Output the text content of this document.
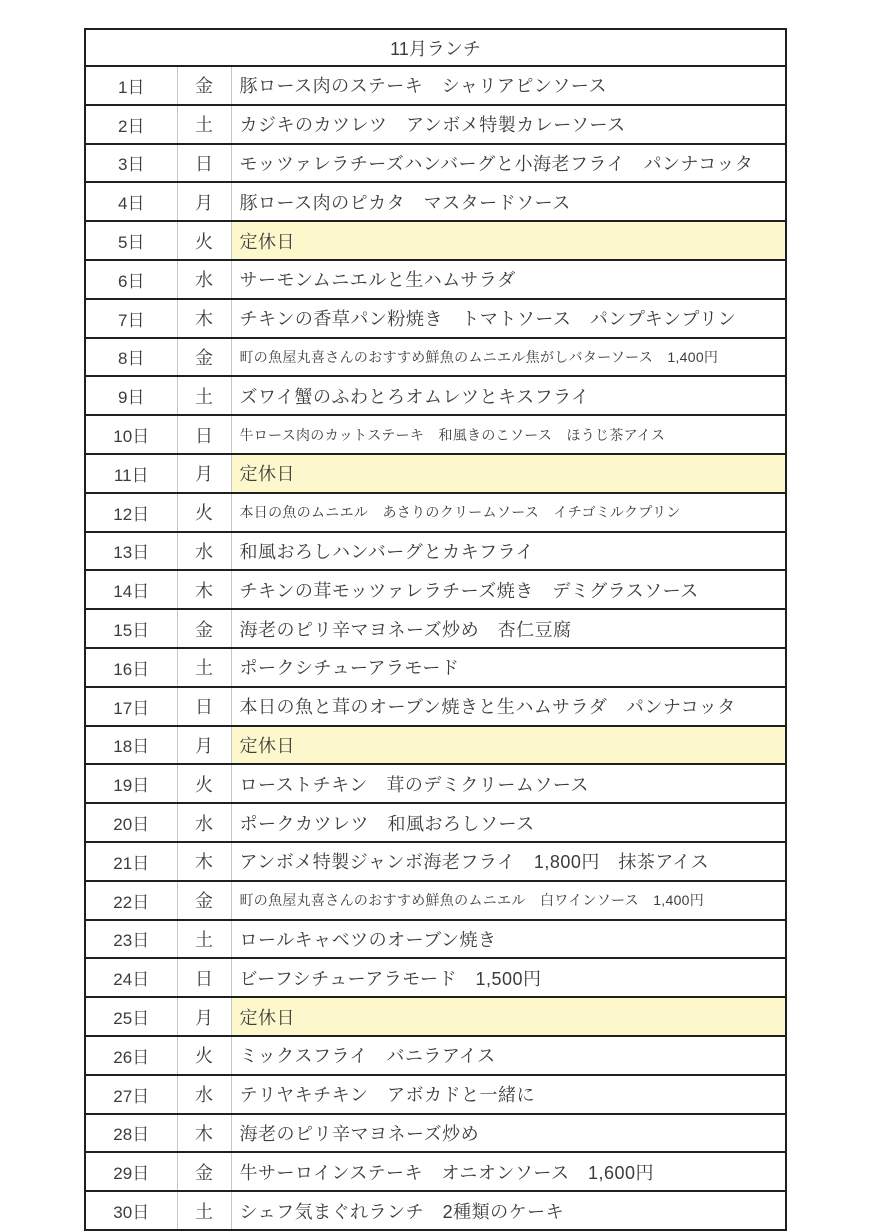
11月ランチ		
1日	金	豚ロース肉のステーキ　シャリアピンソース
2日	土	カジキのカツレツ　アンボメ特製カレーソース
3日	日	モッツァレラチーズハンバーグと小海老フライ　パンナコッタ
4日	月	豚ロース肉のピカタ　マスタードソース
5日	火	定休日
6日	水	サーモンムニエルと生ハムサラダ
7日	木	チキンの香草パン粉焼き　トマトソース　パンプキンプリン
8日	金	町の魚屋丸喜さんのおすすめ鮮魚のムニエル焦がしバターソース　1,400円
9日	土	ズワイ蟹のふわとろオムレツとキスフライ
10日	日	牛ロース肉のカットステーキ　和風きのこソース　ほうじ茶アイス
11日	月	定休日
12日	火	本日の魚のムニエル　あさりのクリームソース　イチゴミルクプリン
13日	水	和風おろしハンバーグとカキフライ
14日	木	チキンの茸モッツァレラチーズ焼き　デミグラスソース
15日	金	海老のピリ辛マヨネーズ炒め　杏仁豆腐
16日	土	ポークシチューアラモード
17日	日	本日の魚と茸のオーブン焼きと生ハムサラダ　パンナコッタ
18日	月	定休日
19日	火	ローストチキン　茸のデミクリームソース
20日	水	ポークカツレツ　和風おろしソース
21日	木	アンボメ特製ジャンボ海老フライ　1,800円　抹茶アイス
22日	金	町の魚屋丸喜さんのおすすめ鮮魚のムニエル　白ワインソース　1,400円
23日	土	ロールキャベツのオーブン焼き
24日	日	ビーフシチューアラモード　1,500円
25日	月	定休日
26日	火	ミックスフライ　バニラアイス
27日	水	テリヤキチキン　アボカドと一緒に
28日	木	海老のピリ辛マヨネーズ炒め
29日	金	牛サーロインステーキ　オニオンソース　1,600円
30日	土	シェフ気まぐれランチ　2種類のケーキ
